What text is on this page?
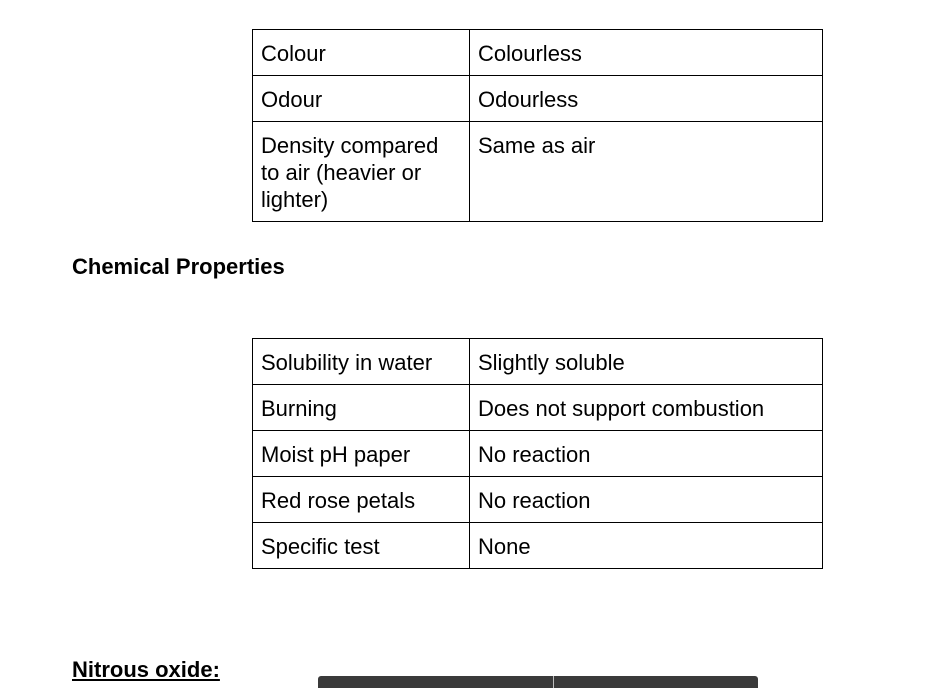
Colour	Colourless
Odour	Odourless
Density compared to air (heavier or lighter)	Same as air
Chemical Properties
Solubility in water	Slightly soluble
Burning	Does not support combustion
Moist pH paper	No reaction
Red rose petals	No reaction
Specific test	None
Nitrous oxide:
